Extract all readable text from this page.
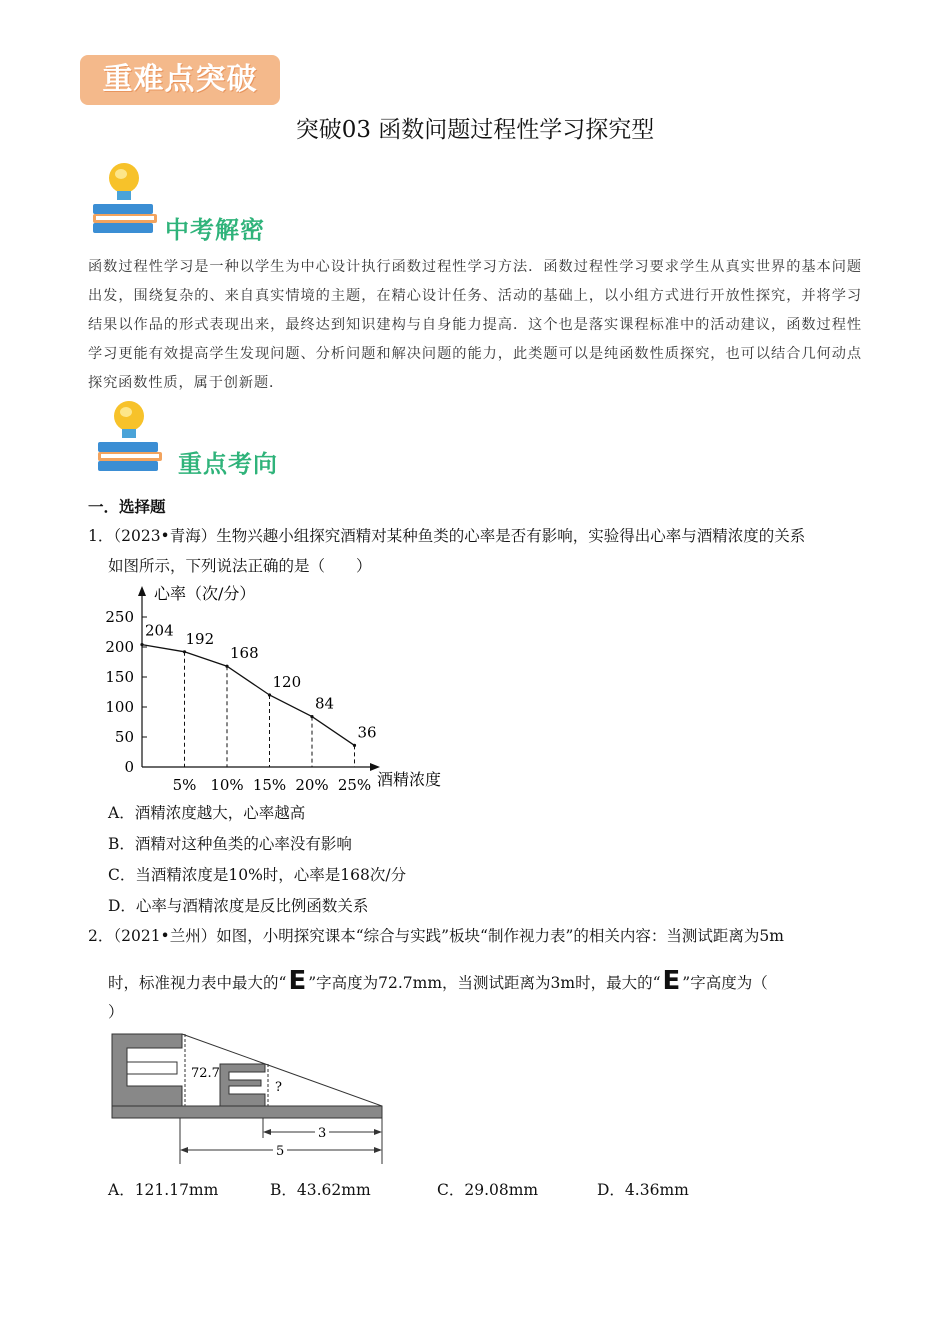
重难点突破
突破03 函数问题过程性学习探究型
中考解密
函数过程性学习是一种以学生为中心设计执行函数过程性学习方法．函数过程性学习要求学生从真实世界的基本问题出发，围绕复杂的、来自真实情境的主题，在精心设计任务、活动的基础上，以小组方式进行开放性探究，并将学习结果以作品的形式表现出来，最终达到知识建构与自身能力提高．这个也是落实课程标准中的活动建议，函数过程性学习更能有效提高学生发现问题、分析问题和解决问题的能力，此类题可以是纯函数性质探究，也可以结合几何动点探究函数性质，属于创新题．
重点考向
一．选择题
1．（2023•青海）生物兴趣小组探究酒精对某种鱼类的心率是否有影响，实验得出心率与酒精浓度的关系
如图所示，下列说法正确的是（　　）
心率（次/分）
酒精浓度
0
50
100
150
200
250
5% 10% 15% 20% 25%
204 192
168
120
84
36
A．酒精浓度越大，心率越高
B．酒精对这种鱼类的心率没有影响
C．当酒精浓度是10%时，心率是168次/分
D．心率与酒精浓度是反比例函数关系
2．（2021•兰州）如图，小明探究课本“综合与实践”板块“制作视力表”的相关内容：当测试距离为5m
时，标准视力表中最大的“ E ”字高度为72.7mm，当测试距离为3m时，最大的“ E ”字高度为（
）
72.7
?
3
5
A．121.17mm	B．43.62mm	C．29.08mm	D．4.36mm
